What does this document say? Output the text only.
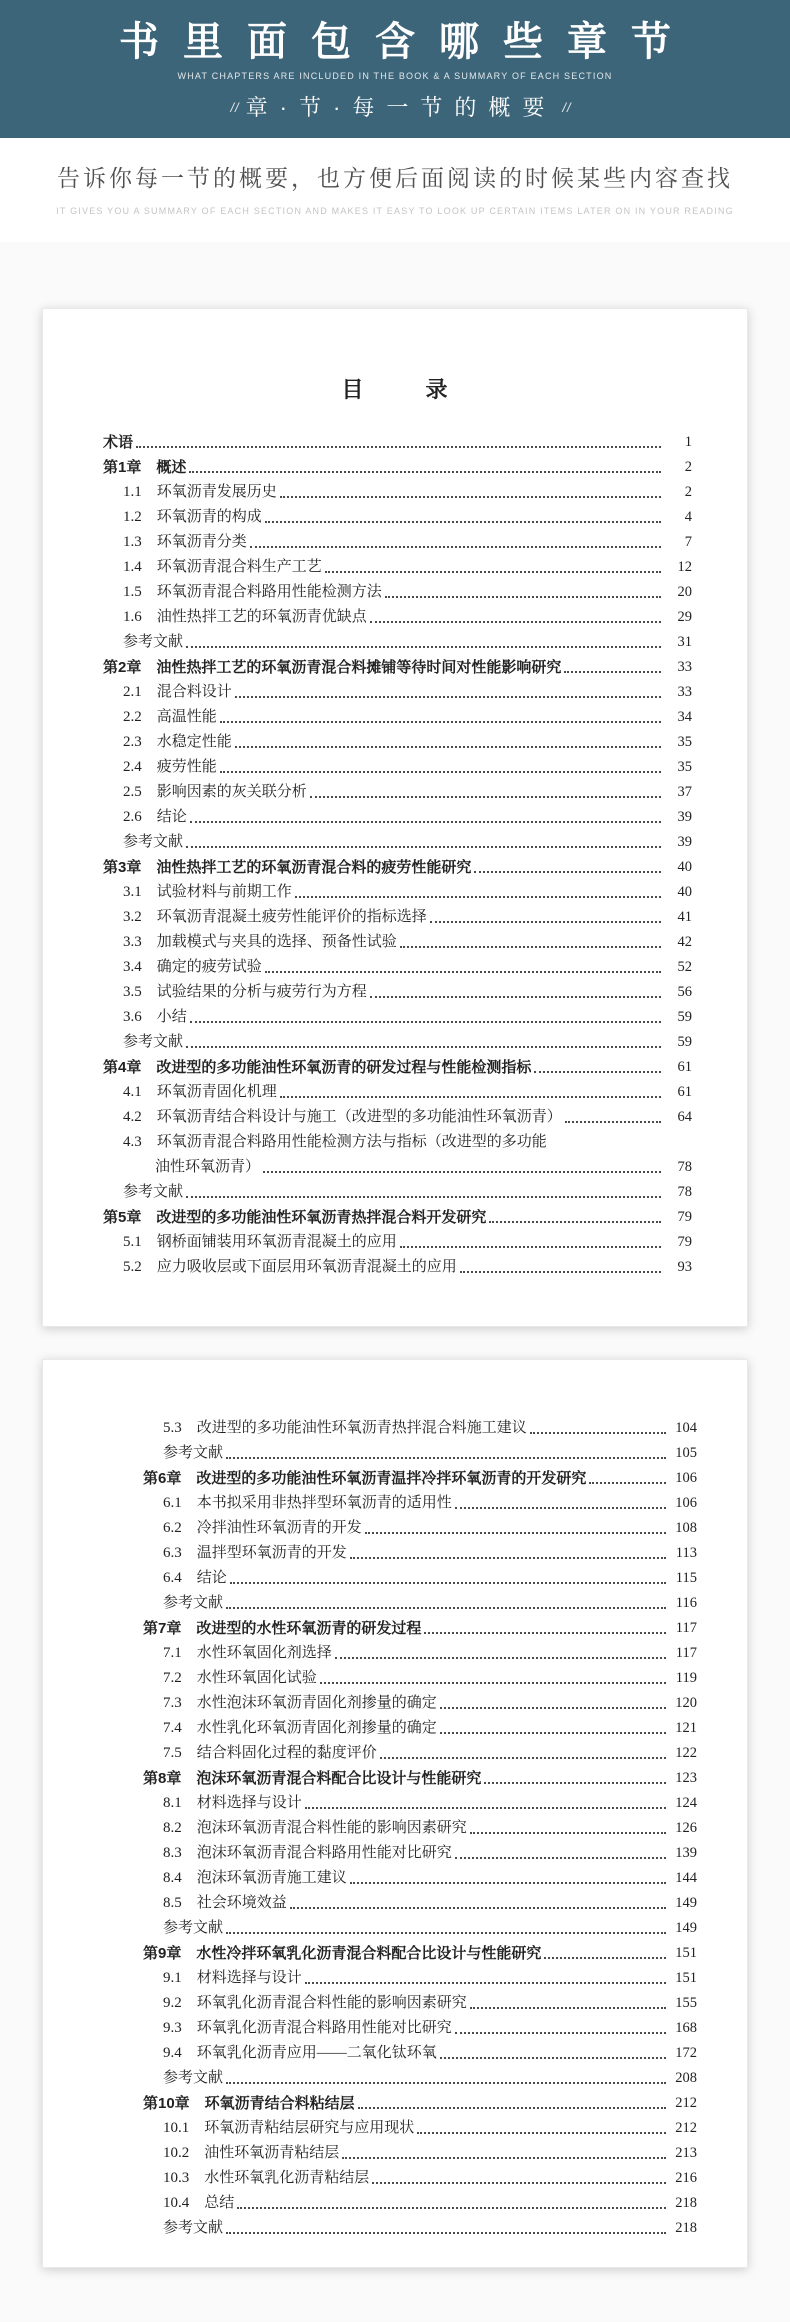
书里面包含哪些章节
WHAT CHAPTERS ARE INCLUDED IN THE BOOK & A SUMMARY OF EACH SECTION
// 章·节·每一节的概要 //
告诉你每一节的概要，也方便后面阅读的时候某些内容查找
IT GIVES YOU A SUMMARY OF EACH SECTION AND MAKES IT EASY TO LOOK UP CERTAIN ITEMS LATER ON IN YOUR READING
目　　录
术语	1
第1章　概述	2
1.1　环氧沥青发展历史	2
1.2　环氧沥青的构成	4
1.3　环氧沥青分类	7
1.4　环氧沥青混合料生产工艺	12
1.5　环氧沥青混合料路用性能检测方法	20
1.6　油性热拌工艺的环氧沥青优缺点	29
参考文献	31
第2章　油性热拌工艺的环氧沥青混合料摊铺等待时间对性能影响研究	33
2.1　混合料设计	33
2.2　高温性能	34
2.3　水稳定性能	35
2.4　疲劳性能	35
2.5　影响因素的灰关联分析	37
2.6　结论	39
参考文献	39
第3章　油性热拌工艺的环氧沥青混合料的疲劳性能研究	40
3.1　试验材料与前期工作	40
3.2　环氧沥青混凝土疲劳性能评价的指标选择	41
3.3　加载模式与夹具的选择、预备性试验	42
3.4　确定的疲劳试验	52
3.5　试验结果的分析与疲劳行为方程	56
3.6　小结	59
参考文献	59
第4章　改进型的多功能油性环氧沥青的研发过程与性能检测指标	61
4.1　环氧沥青固化机理	61
4.2　环氧沥青结合料设计与施工（改进型的多功能油性环氧沥青）	64
4.3　环氧沥青混合料路用性能检测方法与指标（改进型的多功能
油性环氧沥青）	78
参考文献	78
第5章　改进型的多功能油性环氧沥青热拌混合料开发研究	79
5.1　钢桥面铺装用环氧沥青混凝土的应用	79
5.2　应力吸收层或下面层用环氧沥青混凝土的应用	93
5.3　改进型的多功能油性环氧沥青热拌混合料施工建议	104
参考文献	105
第6章　改进型的多功能油性环氧沥青温拌冷拌环氧沥青的开发研究	106
6.1　本书拟采用非热拌型环氧沥青的适用性	106
6.2　冷拌油性环氧沥青的开发	108
6.3　温拌型环氧沥青的开发	113
6.4　结论	115
参考文献	116
第7章　改进型的水性环氧沥青的研发过程	117
7.1　水性环氧固化剂选择	117
7.2　水性环氧固化试验	119
7.3　水性泡沫环氧沥青固化剂掺量的确定	120
7.4　水性乳化环氧沥青固化剂掺量的确定	121
7.5　结合料固化过程的黏度评价	122
第8章　泡沫环氧沥青混合料配合比设计与性能研究	123
8.1　材料选择与设计	124
8.2　泡沫环氧沥青混合料性能的影响因素研究	126
8.3　泡沫环氧沥青混合料路用性能对比研究	139
8.4　泡沫环氧沥青施工建议	144
8.5　社会环境效益	149
参考文献	149
第9章　水性冷拌环氧乳化沥青混合料配合比设计与性能研究	151
9.1　材料选择与设计	151
9.2　环氧乳化沥青混合料性能的影响因素研究	155
9.3　环氧乳化沥青混合料路用性能对比研究	168
9.4　环氧乳化沥青应用——二氧化钛环氧	172
参考文献	208
第10章　环氧沥青结合料粘结层	212
10.1　环氧沥青粘结层研究与应用现状	212
10.2　油性环氧沥青粘结层	213
10.3　水性环氧乳化沥青粘结层	216
10.4　总结	218
参考文献	218
